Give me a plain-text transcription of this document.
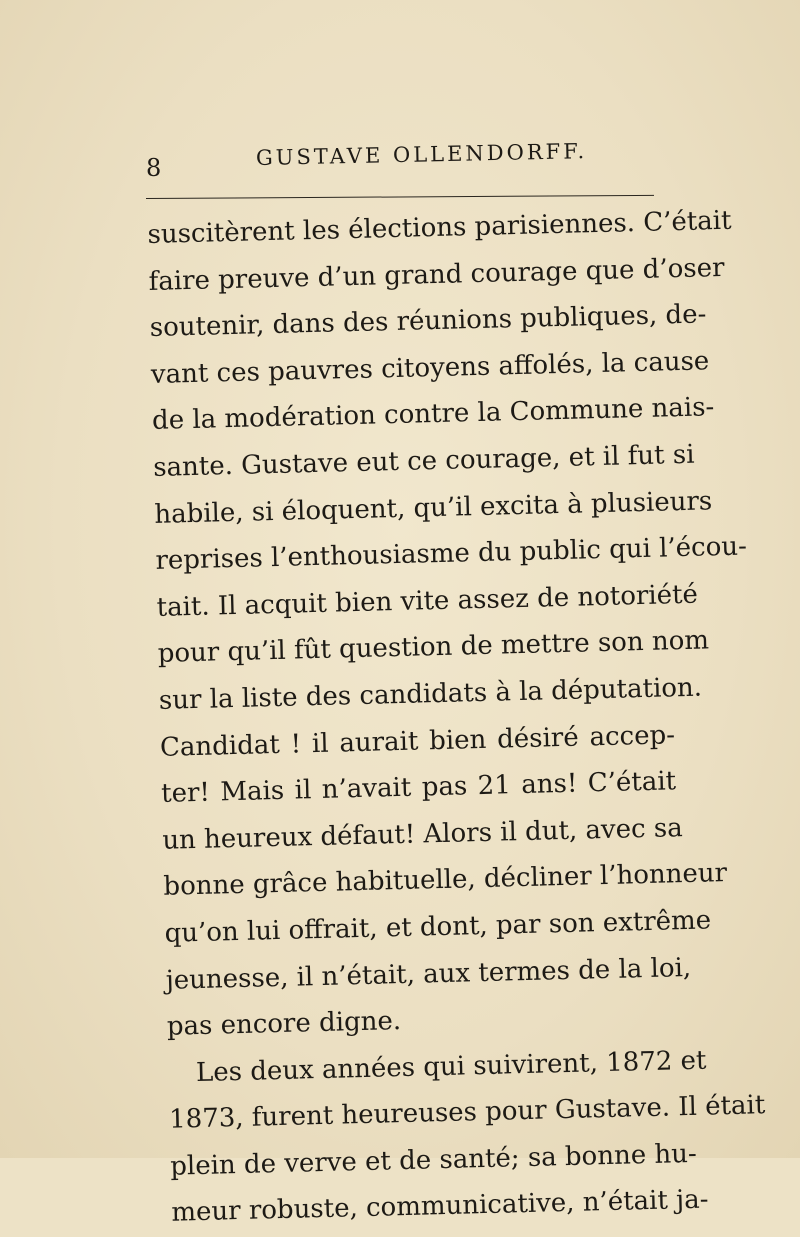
8	GUSTAVE OLLENDORFF.
suscitèrent les élections parisiennes. C’était
faire preuve d’un grand courage que d’oser
soutenir, dans des réunions publiques, de-
vant ces pauvres citoyens affolés, la cause
de la modération contre la Commune nais-
sante. Gustave eut ce courage, et il fut si
habile, si éloquent, qu’il excita à plusieurs
reprises l’enthousiasme du public qui l’écou-
tait. Il acquit bien vite assez de notoriété
pour qu’il fût question de mettre son nom
sur la liste des candidats à la députation.
Candidat ! il aurait bien désiré accep-
ter! Mais il n’avait pas 21 ans! C’était
un heureux défaut! Alors il dut, avec sa
bonne grâce habituelle, décliner l’honneur
qu’on lui offrait, et dont, par son extrême
jeunesse, il n’était, aux termes de la loi,
pas encore digne.
Les deux années qui suivirent, 1872 et
1873, furent heureuses pour Gustave. Il était
plein de verve et de santé; sa bonne hu-
meur robuste, communicative, n’était ja-
